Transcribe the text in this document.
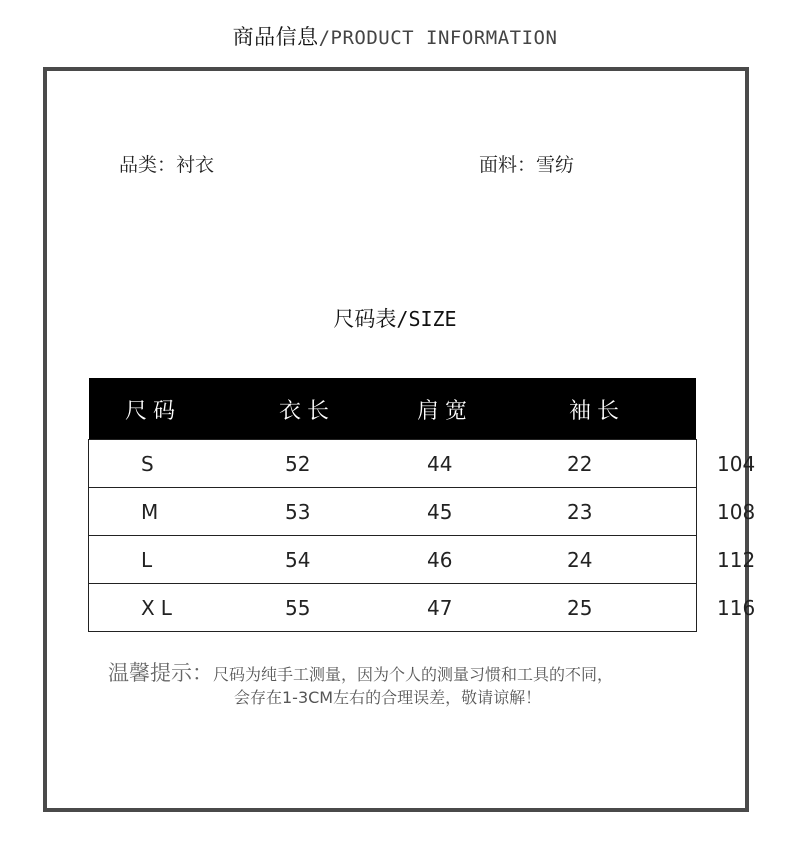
商品信息/PRODUCT INFORMATION
品类：衬衣	面料：雪纺
尺码表/SIZE
尺码	衣长	肩宽	袖长	胸围
S	52	44	22	104
M	53	45	23	108
L	54	46	24	112
XL	55	47	25	116
温馨提示：尺码为纯手工测量，因为个人的测量习惯和工具的不同，
会存在1-3CM左右的合理误差，敬请谅解！
